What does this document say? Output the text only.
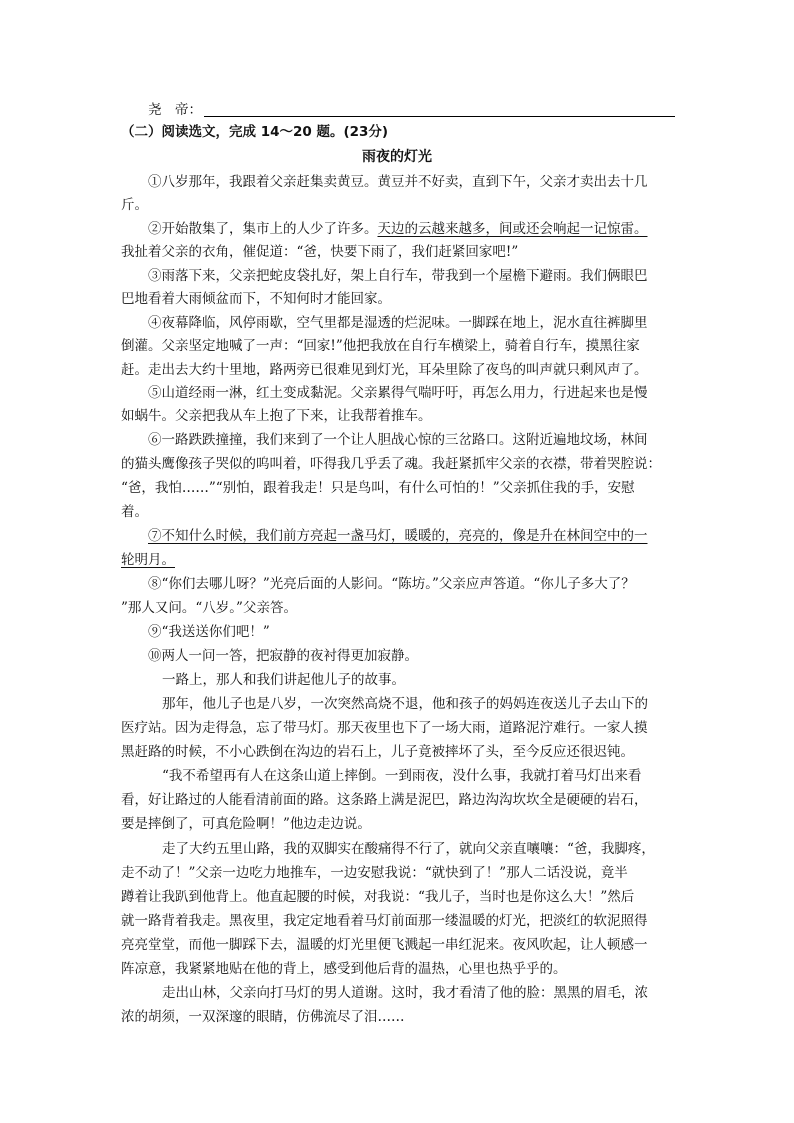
尧　帝：
（二）阅读选文，完成 14～20 题。(23分)
雨夜的灯光
①八岁那年，我跟着父亲赶集卖黄豆。黄豆并不好卖，直到下午，父亲才卖出去十几
斤。
②开始散集了，集市上的人少了许多。天边的云越来越多，间或还会响起一记惊雷。
我扯着父亲的衣角，催促道：“爸，快要下雨了，我们赶紧回家吧!”
③雨落下来，父亲把蛇皮袋扎好，架上自行车，带我到一个屋檐下避雨。我们俩眼巴
巴地看着大雨倾盆而下，不知何时才能回家。
④夜幕降临，风停雨歇，空气里都是湿透的烂泥味。一脚踩在地上，泥水直往裤脚里
倒灌。父亲坚定地喊了一声：“回家!”他把我放在自行车横梁上，骑着自行车，摸黑往家
赶。走出去大约十里地，路两旁已很难见到灯光，耳朵里除了夜鸟的叫声就只剩风声了。
⑤山道经雨一淋，红土变成黏泥。父亲累得气喘吁吁，再怎么用力，行进起来也是慢
如蜗牛。父亲把我从车上抱了下来，让我帮着推车。
⑥一路跌跌撞撞，我们来到了一个让人胆战心惊的三岔路口。这附近遍地坟场，林间
的猫头鹰像孩子哭似的呜叫着，吓得我几乎丢了魂。我赶紧抓牢父亲的衣襟，带着哭腔说：
“爸，我怕……”“别怕，跟着我走！只是鸟叫，有什么可怕的！”父亲抓住我的手，安慰
着。
⑦不知什么时候，我们前方亮起一盏马灯，暖暖的，亮亮的，像是升在林间空中的一
轮明月。
⑧“你们去哪儿呀？”光亮后面的人影问。“陈坊。”父亲应声答道。“你儿子多大了？
”那人又问。“八岁。”父亲答。
⑨“我送送你们吧！”
⑩两人一问一答，把寂静的夜衬得更加寂静。
一路上，那人和我们讲起他儿子的故事。
那年，他儿子也是八岁，一次突然高烧不退，他和孩子的妈妈连夜送儿子去山下的
医疗站。因为走得急，忘了带马灯。那天夜里也下了一场大雨，道路泥泞难行。一家人摸
黑赶路的时候，不小心跌倒在沟边的岩石上，儿子竟被摔坏了头，至今反应还很迟钝。
“我不希望再有人在这条山道上摔倒。一到雨夜，没什么事，我就打着马灯出来看
看，好让路过的人能看清前面的路。这条路上满是泥巴，路边沟沟坎坎全是硬硬的岩石，
要是摔倒了，可真危险啊！”他边走边说。
走了大约五里山路，我的双脚实在酸痛得不行了，就向父亲直嚷嚷：“爸，我脚疼，
走不动了！”父亲一边吃力地推车，一边安慰我说：“就快到了！”那人二话没说，竟半
蹲着让我趴到他背上。他直起腰的时候，对我说：“我儿子，当时也是你这么大！”然后
就一路背着我走。黑夜里，我定定地看着马灯前面那一缕温暖的灯光，把淡红的软泥照得
亮亮堂堂，而他一脚踩下去，温暖的灯光里便飞溅起一串红泥来。夜风吹起，让人顿感一
阵凉意，我紧紧地贴在他的背上，感受到他后背的温热，心里也热乎乎的。
走出山林，父亲向打马灯的男人道谢。这时，我才看清了他的脸：黑黑的眉毛，浓
浓的胡须，一双深邃的眼睛，仿佛流尽了泪……
